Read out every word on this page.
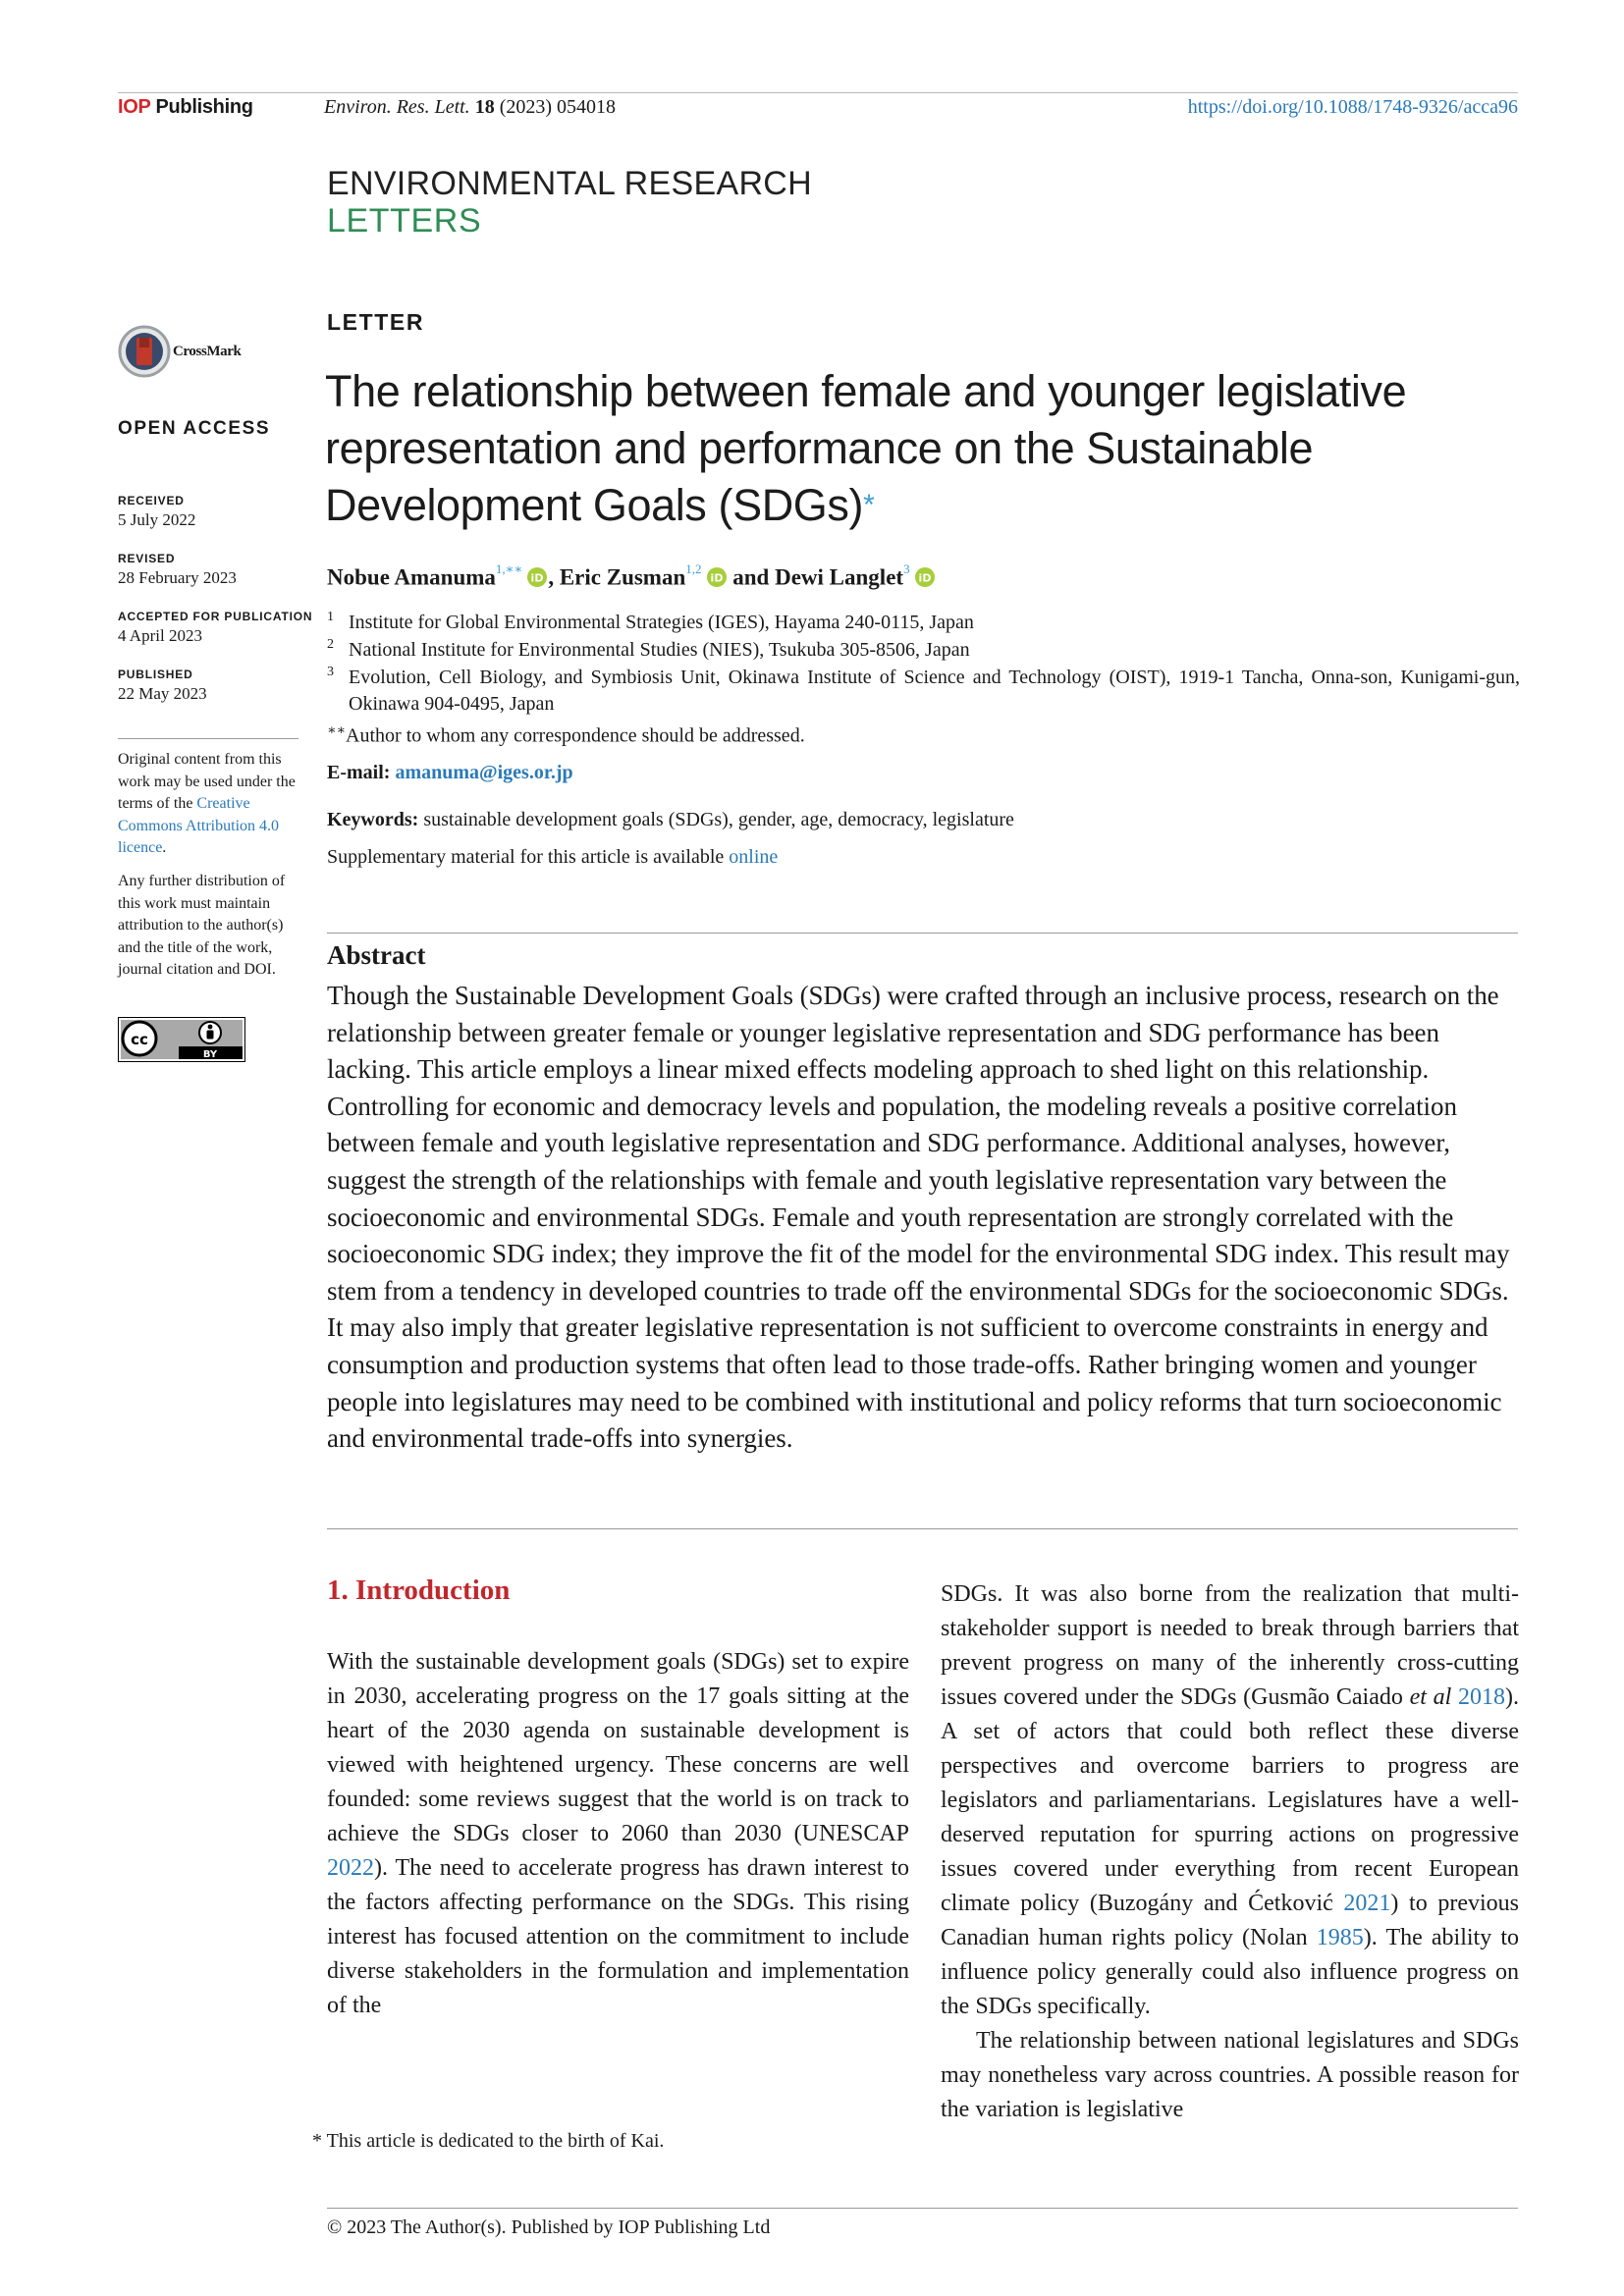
IOP Publishing	Environ. Res. Lett. 18 (2023) 054018	https://doi.org/10.1088/1748-9326/acca96
ENVIRONMENTAL RESEARCH
LETTERS
CrossMark
OPEN ACCESS
RECEIVED
5 July 2022
REVISED
28 February 2023
ACCEPTED FOR PUBLICATION
4 April 2023
PUBLISHED
22 May 2023
Original content from this work may be used under the terms of the Creative Commons Attribution 4.0 licence.
Any further distribution of this work must maintain attribution to the author(s) and the title of the work, journal citation and DOI.
cc
BY
LETTER
The relationship between female and younger legislative representation and performance on the Sustainable Development Goals (SDGs)*
Nobue Amanuma$^{1,∗∗}$
iD , Eric Zusman$^{1,2}$
iD and Dewi Langlet$^3$
iD
1 Institute for Global Environmental Strategies (IGES), Hayama 240-0115, Japan
2 National Institute for Environmental Studies (NIES), Tsukuba 305-8506, Japan
3 Evolution, Cell Biology, and Symbiosis Unit, Okinawa Institute of Science and Technology (OIST), 1919-1 Tancha, Onna-son, Kunigami-gun, Okinawa 904-0495, Japan
∗∗Author to whom any correspondence should be addressed.
E-mail: amanuma@iges.or.jp
Keywords: sustainable development goals (SDGs), gender, age, democracy, legislature
Supplementary material for this article is available online
Abstract
Though the Sustainable Development Goals (SDGs) were crafted through an inclusive process, research on the relationship between greater female or younger legislative representation and SDG performance has been lacking. This article employs a linear mixed effects modeling approach to shed light on this relationship. Controlling for economic and democracy levels and population, the modeling reveals a positive correlation between female and youth legislative representation and SDG performance. Additional analyses, however, suggest the strength of the relationships with female and youth legislative representation vary between the socioeconomic and environmental SDGs. Female and youth representation are strongly correlated with the socioeconomic SDG index; they improve the fit of the model for the environmental SDG index. This result may stem from a tendency in developed countries to trade off the environmental SDGs for the socioeconomic SDGs. It may also imply that greater legislative representation is not sufficient to overcome constraints in energy and consumption and production systems that often lead to those trade-offs. Rather bringing women and younger people into legislatures may need to be combined with institutional and policy reforms that turn socioeconomic and environmental trade-offs into synergies.
1. Introduction
With the sustainable development goals (SDGs) set to expire in 2030, accelerating progress on the 17 goals sitting at the heart of the 2030 agenda on sustainable development is viewed with heightened urgency. These concerns are well founded: some reviews suggest that the world is on track to achieve the SDGs closer to 2060 than 2030 (UNESCAP 2022). The need to accelerate progress has drawn interest to the factors affecting performance on the SDGs. This rising interest has focused attention on the commitment to include diverse stakeholders in the formulation and implementation of the
SDGs. It was also borne from the realization that multi-stakeholder support is needed to break through barriers that prevent progress on many of the inherently cross-cutting issues covered under the SDGs (Gusmão Caiado et al 2018). A set of actors that could both reflect these diverse perspectives and overcome barriers to progress are legislators and parliamentarians. Legislatures have a well-deserved reputation for spurring actions on progressive issues covered under everything from recent European climate policy (Buzogány and Ćetković 2021) to previous Canadian human rights policy (Nolan 1985). The ability to influence policy generally could also influence progress on the SDGs specifically.
The relationship between national legislatures and SDGs may nonetheless vary across countries. A possible reason for the variation is legislative
* This article is dedicated to the birth of Kai.
© 2023 The Author(s). Published by IOP Publishing Ltd
